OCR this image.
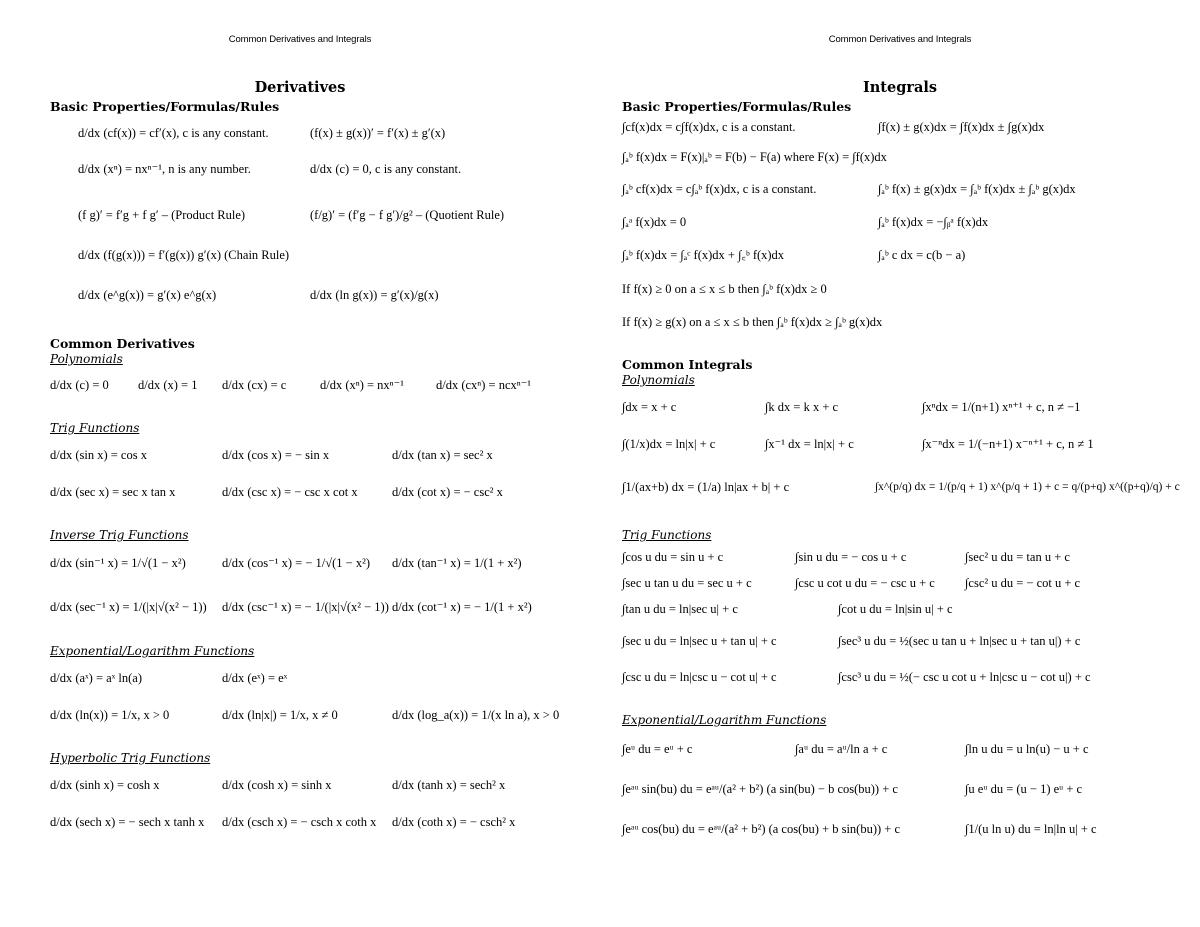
Common Derivatives and Integrals
Derivatives
Basic Properties/Formulas/Rules
d/dx (cf(x)) = cf′(x), c is any constant.	(f(x) ± g(x))′ = f′(x) ± g′(x)
d/dx (xⁿ) = nxⁿ⁻¹, n is any number.	d/dx (c) = 0, c is any constant.
(f g)′ = f′g + f g′ – (Product Rule)	(f/g)′ = (f′g − f g′)/g² – (Quotient Rule)
d/dx (f(g(x))) = f′(g(x)) g′(x) (Chain Rule)
d/dx (e^g(x)) = g′(x) e^g(x)	d/dx (ln g(x)) = g′(x)/g(x)
Common Derivatives
Polynomials
d/dx (c) = 0 d/dx (x) = 1 d/dx (cx) = c	d/dx (xⁿ) = nxⁿ⁻¹	d/dx (cxⁿ) = ncxⁿ⁻¹
Trig Functions
d/dx (sin x) = cos x	d/dx (cos x) = − sin x	d/dx (tan x) = sec² x
d/dx (sec x) = sec x tan x	d/dx (csc x) = − csc x cot x	d/dx (cot x) = − csc² x
Inverse Trig Functions
d/dx (sin⁻¹ x) = 1/√(1 − x²)	d/dx (cos⁻¹ x) = − 1/√(1 − x²) d/dx (tan⁻¹ x) = 1/(1 + x²)
d/dx (sec⁻¹ x) = 1/(|x|√(x² − 1)) d/dx (csc⁻¹ x) = − 1/(|x|√(x² − 1)) d/dx (cot⁻¹ x) = − 1/(1 + x²)
Exponential/Logarithm Functions
d/dx (aˣ) = aˣ ln(a)	d/dx (eˣ) = eˣ
d/dx (ln(x)) = 1/x, x > 0	d/dx (ln|x|) = 1/x, x ≠ 0	d/dx (log_a(x)) = 1/(x ln a), x > 0
Hyperbolic Trig Functions
d/dx (sinh x) = cosh x	d/dx (cosh x) = sinh x	d/dx (tanh x) = sech² x
d/dx (sech x) = − sech x tanh x d/dx (csch x) = − csch x coth x d/dx (coth x) = − csch² x
Common Derivatives and Integrals
Integrals
Basic Properties/Formulas/Rules
∫cf(x)dx = c∫f(x)dx, c is a constant.	∫f(x) ± g(x)dx = ∫f(x)dx ± ∫g(x)dx
∫ₐᵇ f(x)dx = F(x)|ₐᵇ = F(b) − F(a) where F(x) = ∫f(x)dx
∫ₐᵇ cf(x)dx = c∫ₐᵇ f(x)dx, c is a constant.	∫ₐᵇ f(x) ± g(x)dx = ∫ₐᵇ f(x)dx ± ∫ₐᵇ g(x)dx
∫ₐᵃ f(x)dx = 0	∫ₐᵇ f(x)dx = −∫ᵦᵃ f(x)dx
∫ₐᵇ f(x)dx = ∫ₐᶜ f(x)dx + ∫꜀ᵇ f(x)dx	∫ₐᵇ c dx = c(b − a)
If f(x) ≥ 0 on a ≤ x ≤ b then ∫ₐᵇ f(x)dx ≥ 0
If f(x) ≥ g(x) on a ≤ x ≤ b then ∫ₐᵇ f(x)dx ≥ ∫ₐᵇ g(x)dx
Common Integrals
Polynomials
∫dx = x + c	∫k dx = k x + c	∫xⁿdx = 1/(n+1) xⁿ⁺¹ + c, n ≠ −1
∫(1/x)dx = ln|x| + c	∫x⁻¹ dx = ln|x| + c	∫x⁻ⁿdx = 1/(−n+1) x⁻ⁿ⁺¹ + c, n ≠ 1
∫1/(ax+b) dx = (1/a) ln|ax + b| + c	∫x^(p/q) dx = 1/(p/q + 1) x^(p/q + 1) + c = q/(p+q) x^((p+q)/q) + c
Trig Functions
∫cos u du = sin u + c	∫sin u du = − cos u + c	∫sec² u du = tan u + c
∫sec u tan u du = sec u + c	∫csc u cot u du = − csc u + c ∫csc² u du = − cot u + c
∫tan u du = ln|sec u| + c	∫cot u du = ln|sin u| + c
∫sec u du = ln|sec u + tan u| + c	∫sec³ u du = ½(sec u tan u + ln|sec u + tan u|) + c
∫csc u du = ln|csc u − cot u| + c	∫csc³ u du = ½(− csc u cot u + ln|csc u − cot u|) + c
Exponential/Logarithm Functions
∫eᵘ du = eᵘ + c	∫aᵘ du = aᵘ/ln a + c	∫ln u du = u ln(u) − u + c
∫eᵃᵘ sin(bu) du = eᵃᵘ/(a² + b²) (a sin(bu) − b cos(bu)) + c	∫u eᵘ du = (u − 1) eᵘ + c
∫eᵃᵘ cos(bu) du = eᵃᵘ/(a² + b²) (a cos(bu) + b sin(bu)) + c	∫1/(u ln u) du = ln|ln u| + c
